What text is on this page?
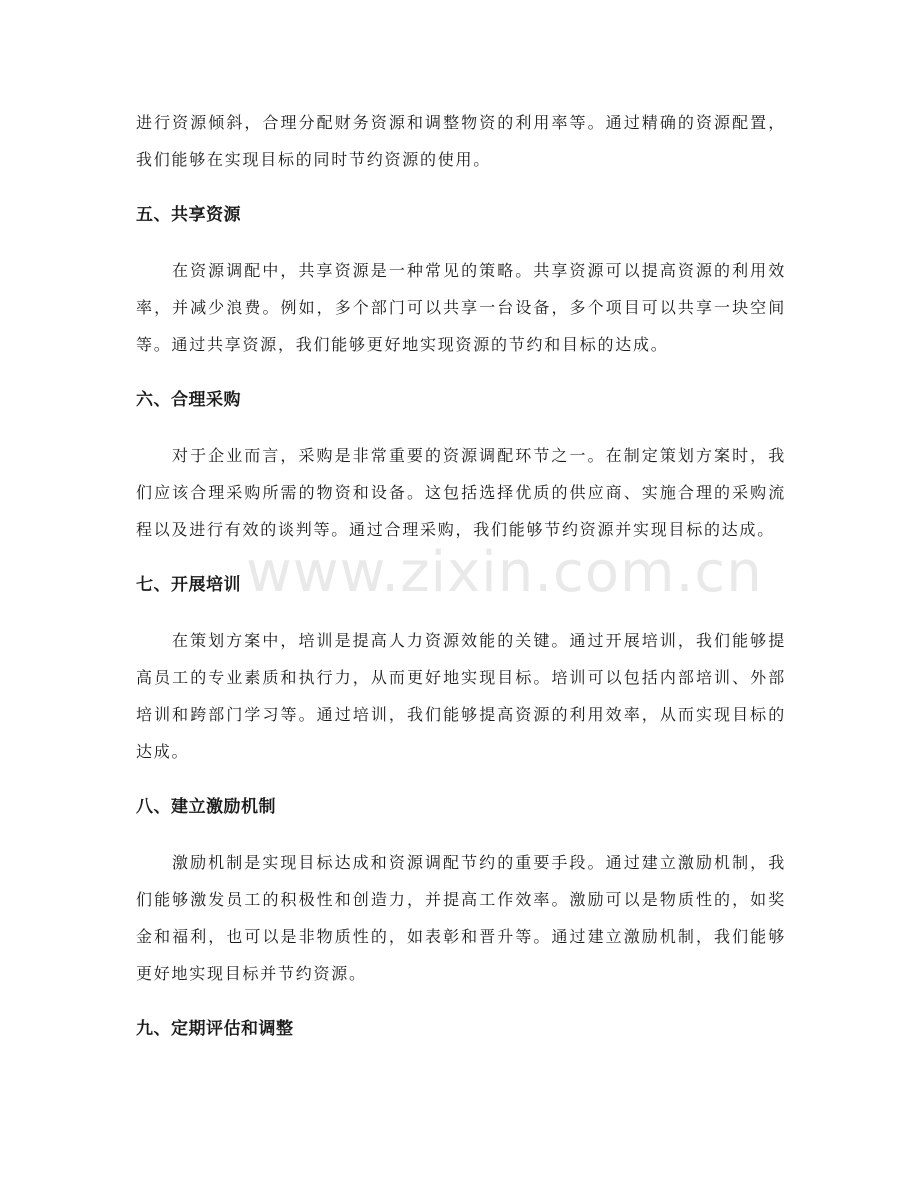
进行资源倾斜，合理分配财务资源和调整物资的利用率等。通过精确的资源配置，我们能够在实现目标的同时节约资源的使用。

五、共享资源

在资源调配中，共享资源是一种常见的策略。共享资源可以提高资源的利用效率，并减少浪费。例如，多个部门可以共享一台设备，多个项目可以共享一块空间等。通过共享资源，我们能够更好地实现资源的节约和目标的达成。

六、合理采购

对于企业而言，采购是非常重要的资源调配环节之一。在制定策划方案时，我们应该合理采购所需的物资和设备。这包括选择优质的供应商、实施合理的采购流程以及进行有效的谈判等。通过合理采购，我们能够节约资源并实现目标的达成。

七、开展培训

在策划方案中，培训是提高人力资源效能的关键。通过开展培训，我们能够提高员工的专业素质和执行力，从而更好地实现目标。培训可以包括内部培训、外部培训和跨部门学习等。通过培训，我们能够提高资源的利用效率，从而实现目标的达成。

八、建立激励机制

激励机制是实现目标达成和资源调配节约的重要手段。通过建立激励机制，我们能够激发员工的积极性和创造力，并提高工作效率。激励可以是物质性的，如奖金和福利，也可以是非物质性的，如表彰和晋升等。通过建立激励机制，我们能够更好地实现目标并节约资源。

九、定期评估和调整
www.zixin.com.cn
